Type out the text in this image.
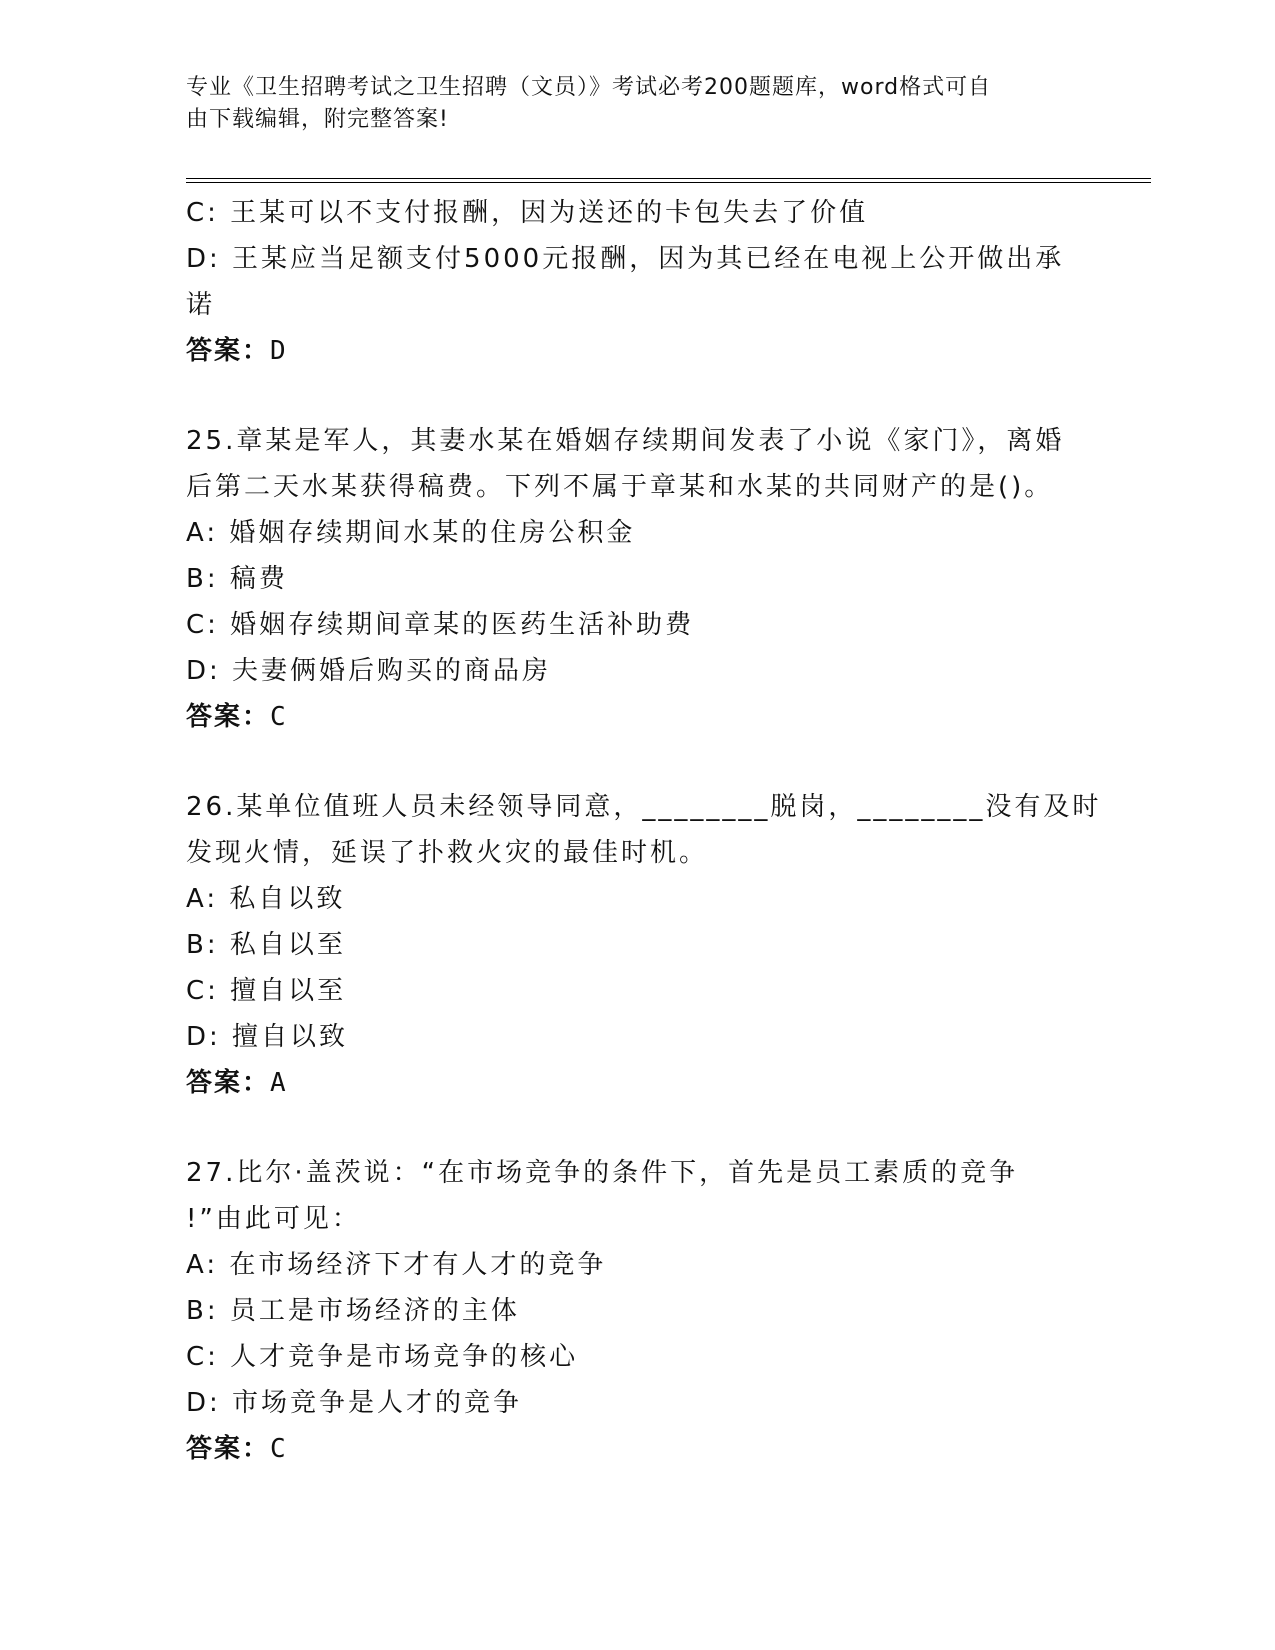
专业《卫生招聘考试之卫生招聘（文员）》考试必考200题题库，word格式可自
由下载编辑，附完整答案!
C: 王某可以不支付报酬，因为送还的卡包失去了价值
D: 王某应当足额支付5000元报酬，因为其已经在电视上公开做出承
诺
答案：D
25.章某是军人，其妻水某在婚姻存续期间发表了小说《家门》，离婚
后第二天水某获得稿费。下列不属于章某和水某的共同财产的是()。
A: 婚姻存续期间水某的住房公积金
B: 稿费
C: 婚姻存续期间章某的医药生活补助费
D: 夫妻俩婚后购买的商品房
答案：C
26.某单位值班人员未经领导同意，________脱岗，________没有及时
发现火情，延误了扑救火灾的最佳时机。
A: 私自以致
B: 私自以至
C: 擅自以至
D: 擅自以致
答案：A
27.比尔·盖茨说：“在市场竞争的条件下，首先是员工素质的竞争
!”由此可见：
A: 在市场经济下才有人才的竞争
B: 员工是市场经济的主体
C: 人才竞争是市场竞争的核心
D: 市场竞争是人才的竞争
答案：C
